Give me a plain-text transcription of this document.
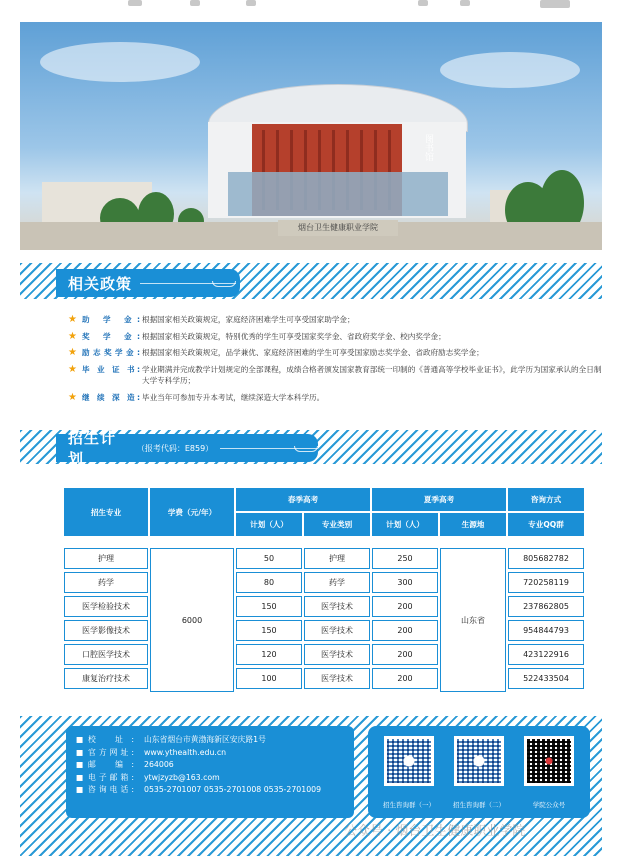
图书馆
烟台卫生健康职业学院
相关政策
★ 助 学 金: 根据国家相关政策规定，家庭经济困难学生可享受国家助学金；
★ 奖 学 金: 根据国家相关政策规定，特别优秀的学生可享受国家奖学金、省政府奖学金、校内奖学金；
★ 励志奖学金: 根据国家相关政策规定，品学兼优、家庭经济困难的学生可享受国家励志奖学金、省政府励志奖学金；
★ 毕 业 证 书: 学业期满并完成教学计划规定的全部课程，成绩合格者颁发国家教育部统一印制的《普通高等学校毕业证书》，此学历为国家承认的全日制大学专科学历；
★ 继 续 深 造: 毕业当年可参加专升本考试，继续深造大学本科学历。
招生计划
（报考代码：E859）
招生专业	学费（元/年）
春季高考	夏季高考	咨询方式
计划（人）	专业类别	计划（人）	生源地	专业QQ群
6000	山东省
护理	50	护理	250	805682782
药学	80	药学	300	720258119
医学检验技术	150	医学技术	200	237862805
医学影像技术	150	医学技术	200	954844793
口腔医学技术	120	医学技术	200	423122916
康复治疗技术	100	医学技术	200	522433504
■ 校 址: 山东省烟台市黄渤海新区安庆路1号
■ 官方网址: www.ythealth.edu.cn
■ 邮 编: 264006
■ 电子邮箱: ytwjzyzb@163.com
■ 咨询电话: 0535-2701007 0535-2701008 0535-2701009
招生咨询群（一）	招生咨询群（二）	学院公众号
公众号 · 烟台卫生健康职业学院
